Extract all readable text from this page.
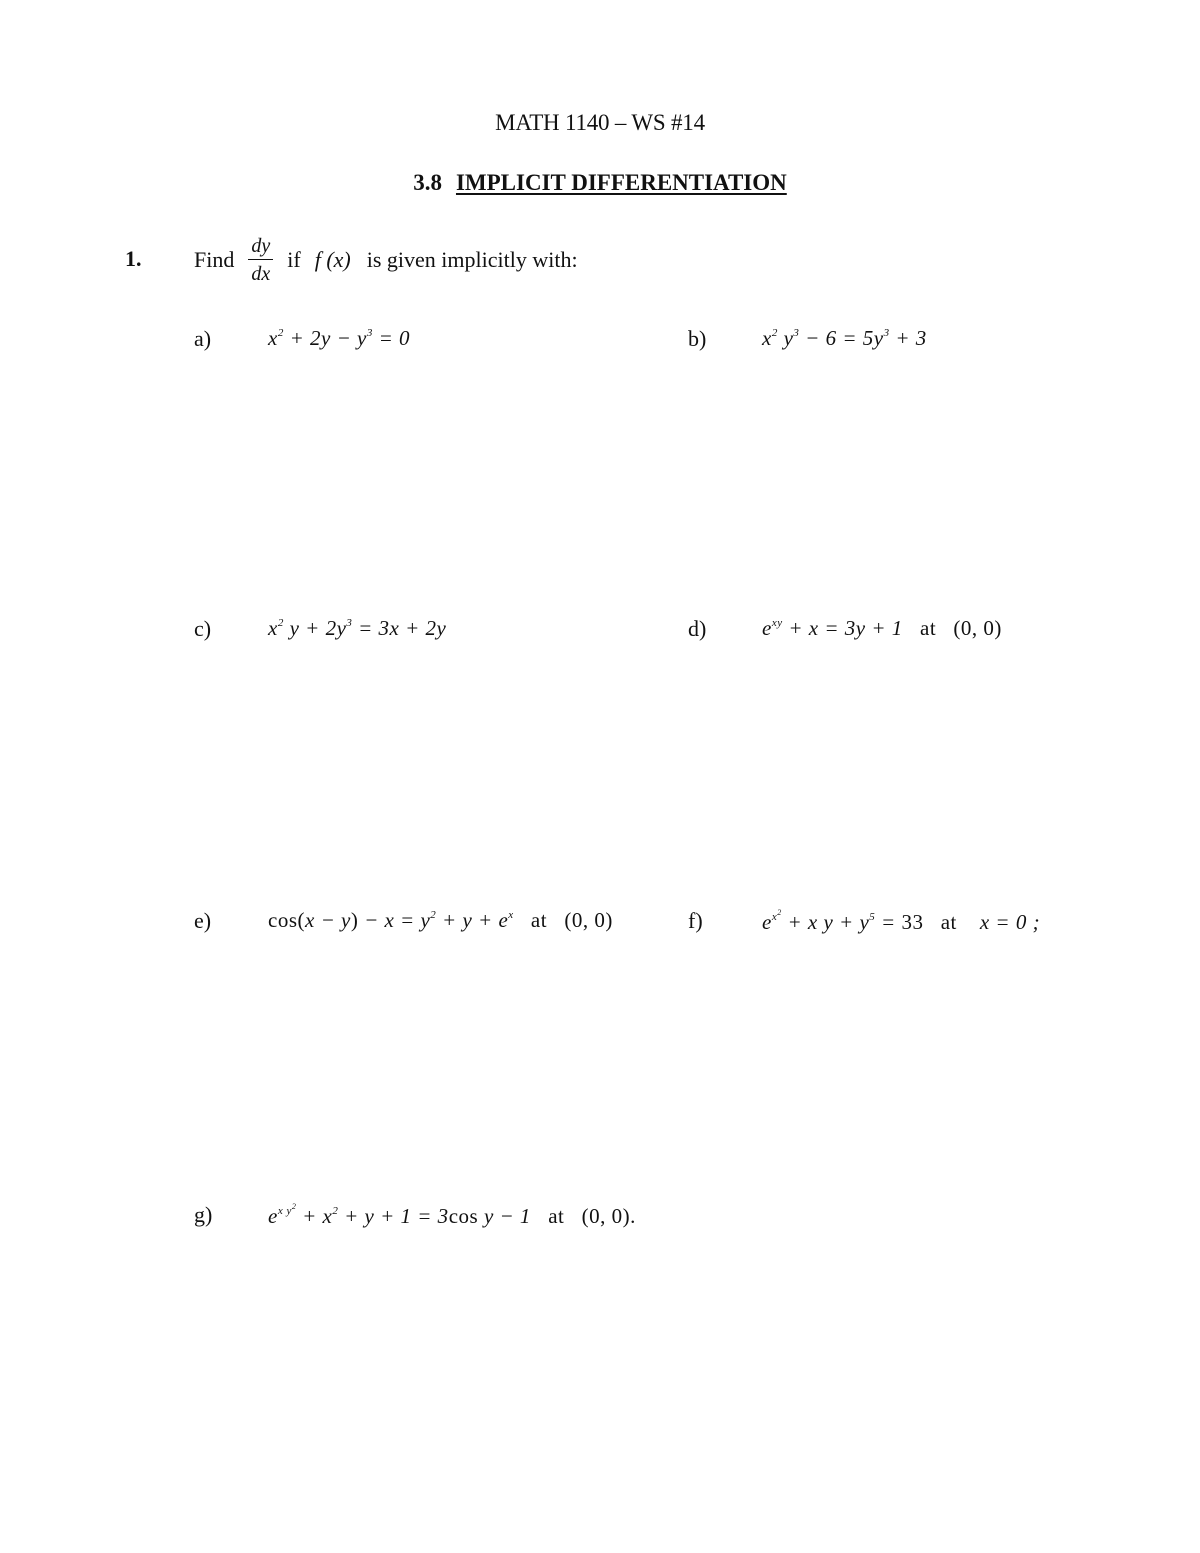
MATH 1140 – WS #14
3.8 IMPLICIT DIFFERENTIATION
1. Find $\frac{dy}{dx}$ if f (x) is given implicitly with:
a)	$x^2 + 2y - y^3 = 0$	b)	$x^2$ $y^3 - 6 = 5y^3 + 3$
c)	$x^2$ $y + 2y^3 = 3x + 2y$	d)	$e^{xy} + x = 3y + 1$   at   (0, 0)
e)	$\cos(x - y) - x = y^2 + y + e^x$ at   (0, 0)	f)	$e^{x^2} + x$ $y + y^5 = 33$ at    x = 0 ;
g)	$e^{x y^2} + x^2 + y + 1 = 3\cos$ y − 1   at   (0, 0).
